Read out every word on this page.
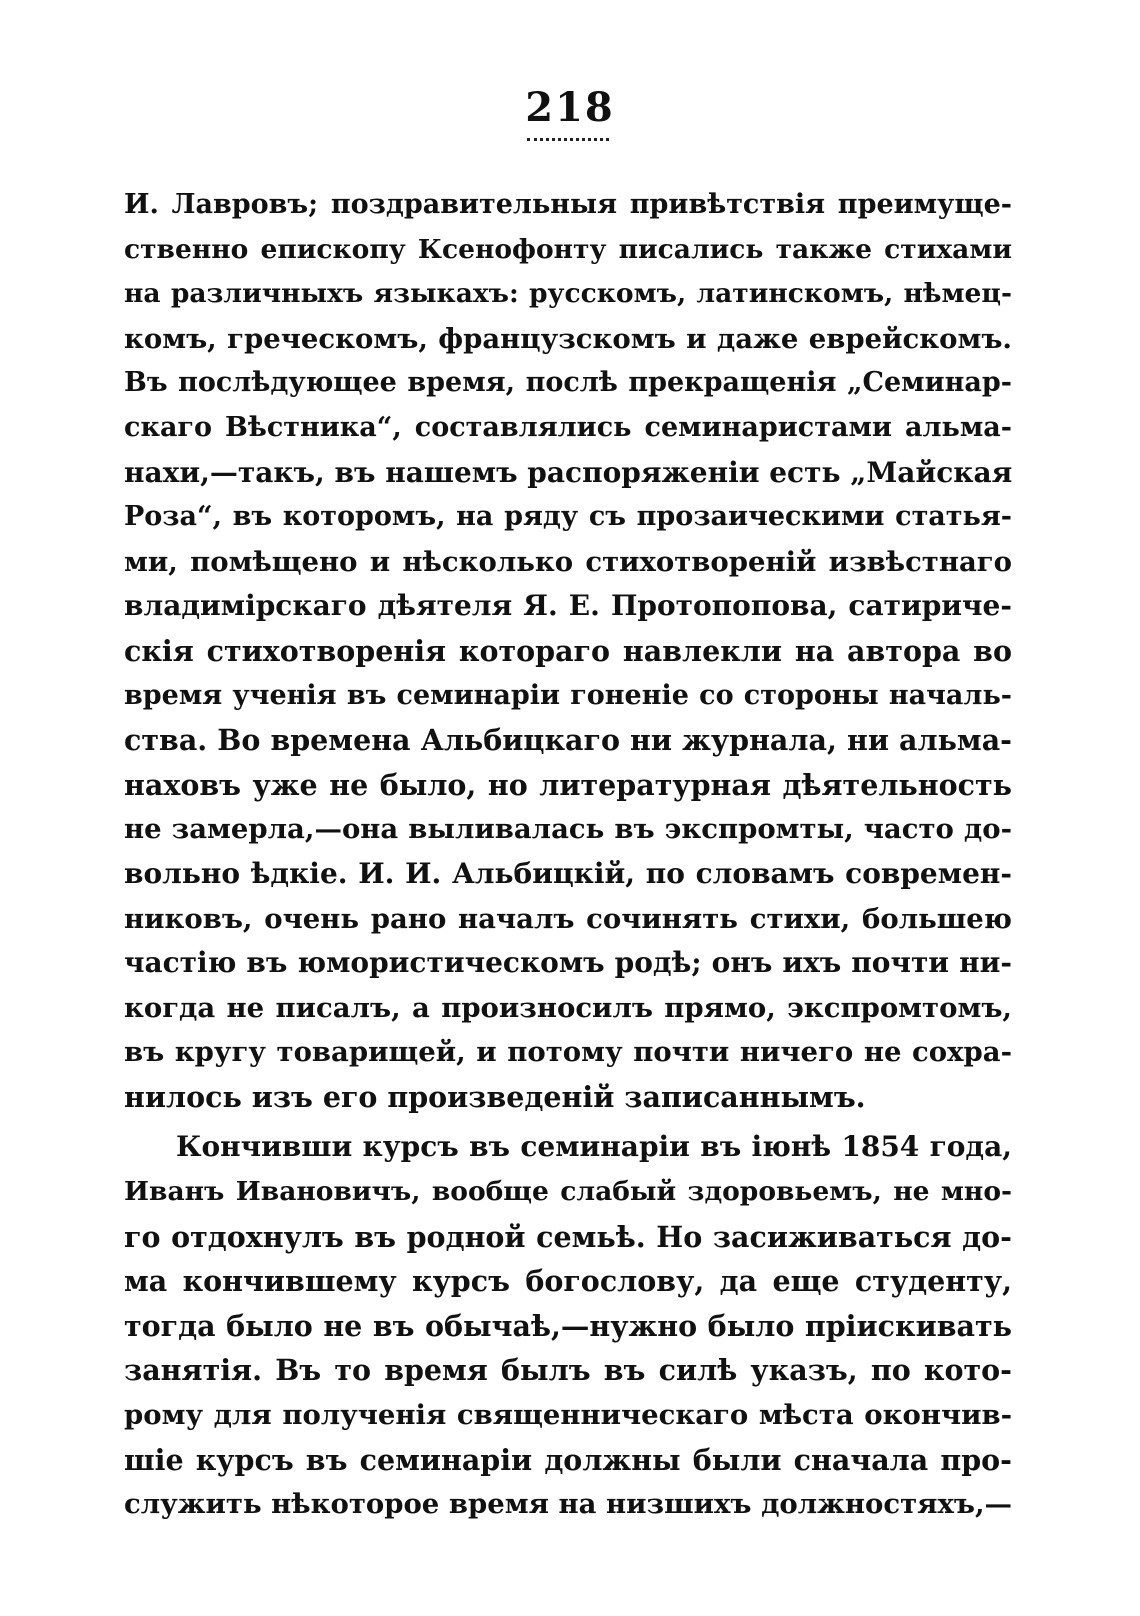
218
И. Лавровъ; поздравительныя привѣтствія преимуще-
ственно епископу Ксенофонту писались также стихами
на различныхъ языкахъ: русскомъ, латинскомъ, нѣмец-
комъ, греческомъ, французскомъ и даже еврейскомъ.
Въ послѣдующее время, послѣ прекращенія „Семинар-
скаго Вѣстника“, составлялись семинаристами альма-
нахи,—такъ, въ нашемъ распоряженіи есть „Майская
Роза“, въ которомъ, на ряду съ прозаическими статья-
ми, помѣщено и нѣсколько стихотвореній извѣстнаго
владимірскаго дѣятеля Я. Е. Протопопова, сатириче-
скія стихотворенія котораго навлекли на автора во
время ученія въ семинаріи гоненіе со стороны началь-
ства. Во времена Альбицкаго ни журнала, ни альма-
наховъ уже не было, но литературная дѣятельность
не замерла,—она выливалась въ экспромты, часто до-
вольно ѣдкіе. И. И. Альбицкій, по словамъ современ-
никовъ, очень рано началъ сочинять стихи, большею
частію въ юмористическомъ родѣ; онъ ихъ почти ни-
когда не писалъ, а произносилъ прямо, экспромтомъ,
въ кругу товарищей, и потому почти ничего не сохра-
нилось изъ его произведеній записаннымъ.
Кончивши курсъ въ семинаріи въ іюнѣ 1854 года,
Иванъ Ивановичъ, вообще слабый здоровьемъ, не мно-
го отдохнулъ въ родной семьѣ. Но засиживаться до-
ма кончившему курсъ богослову, да еще студенту,
тогда было не въ обычаѣ,—нужно было пріискивать
занятія. Въ то время былъ въ силѣ указъ, по кото-
рому для полученія священническаго мѣста окончив-
шіе курсъ въ семинаріи должны были сначала про-
служить нѣкоторое время на низшихъ должностяхъ,—
